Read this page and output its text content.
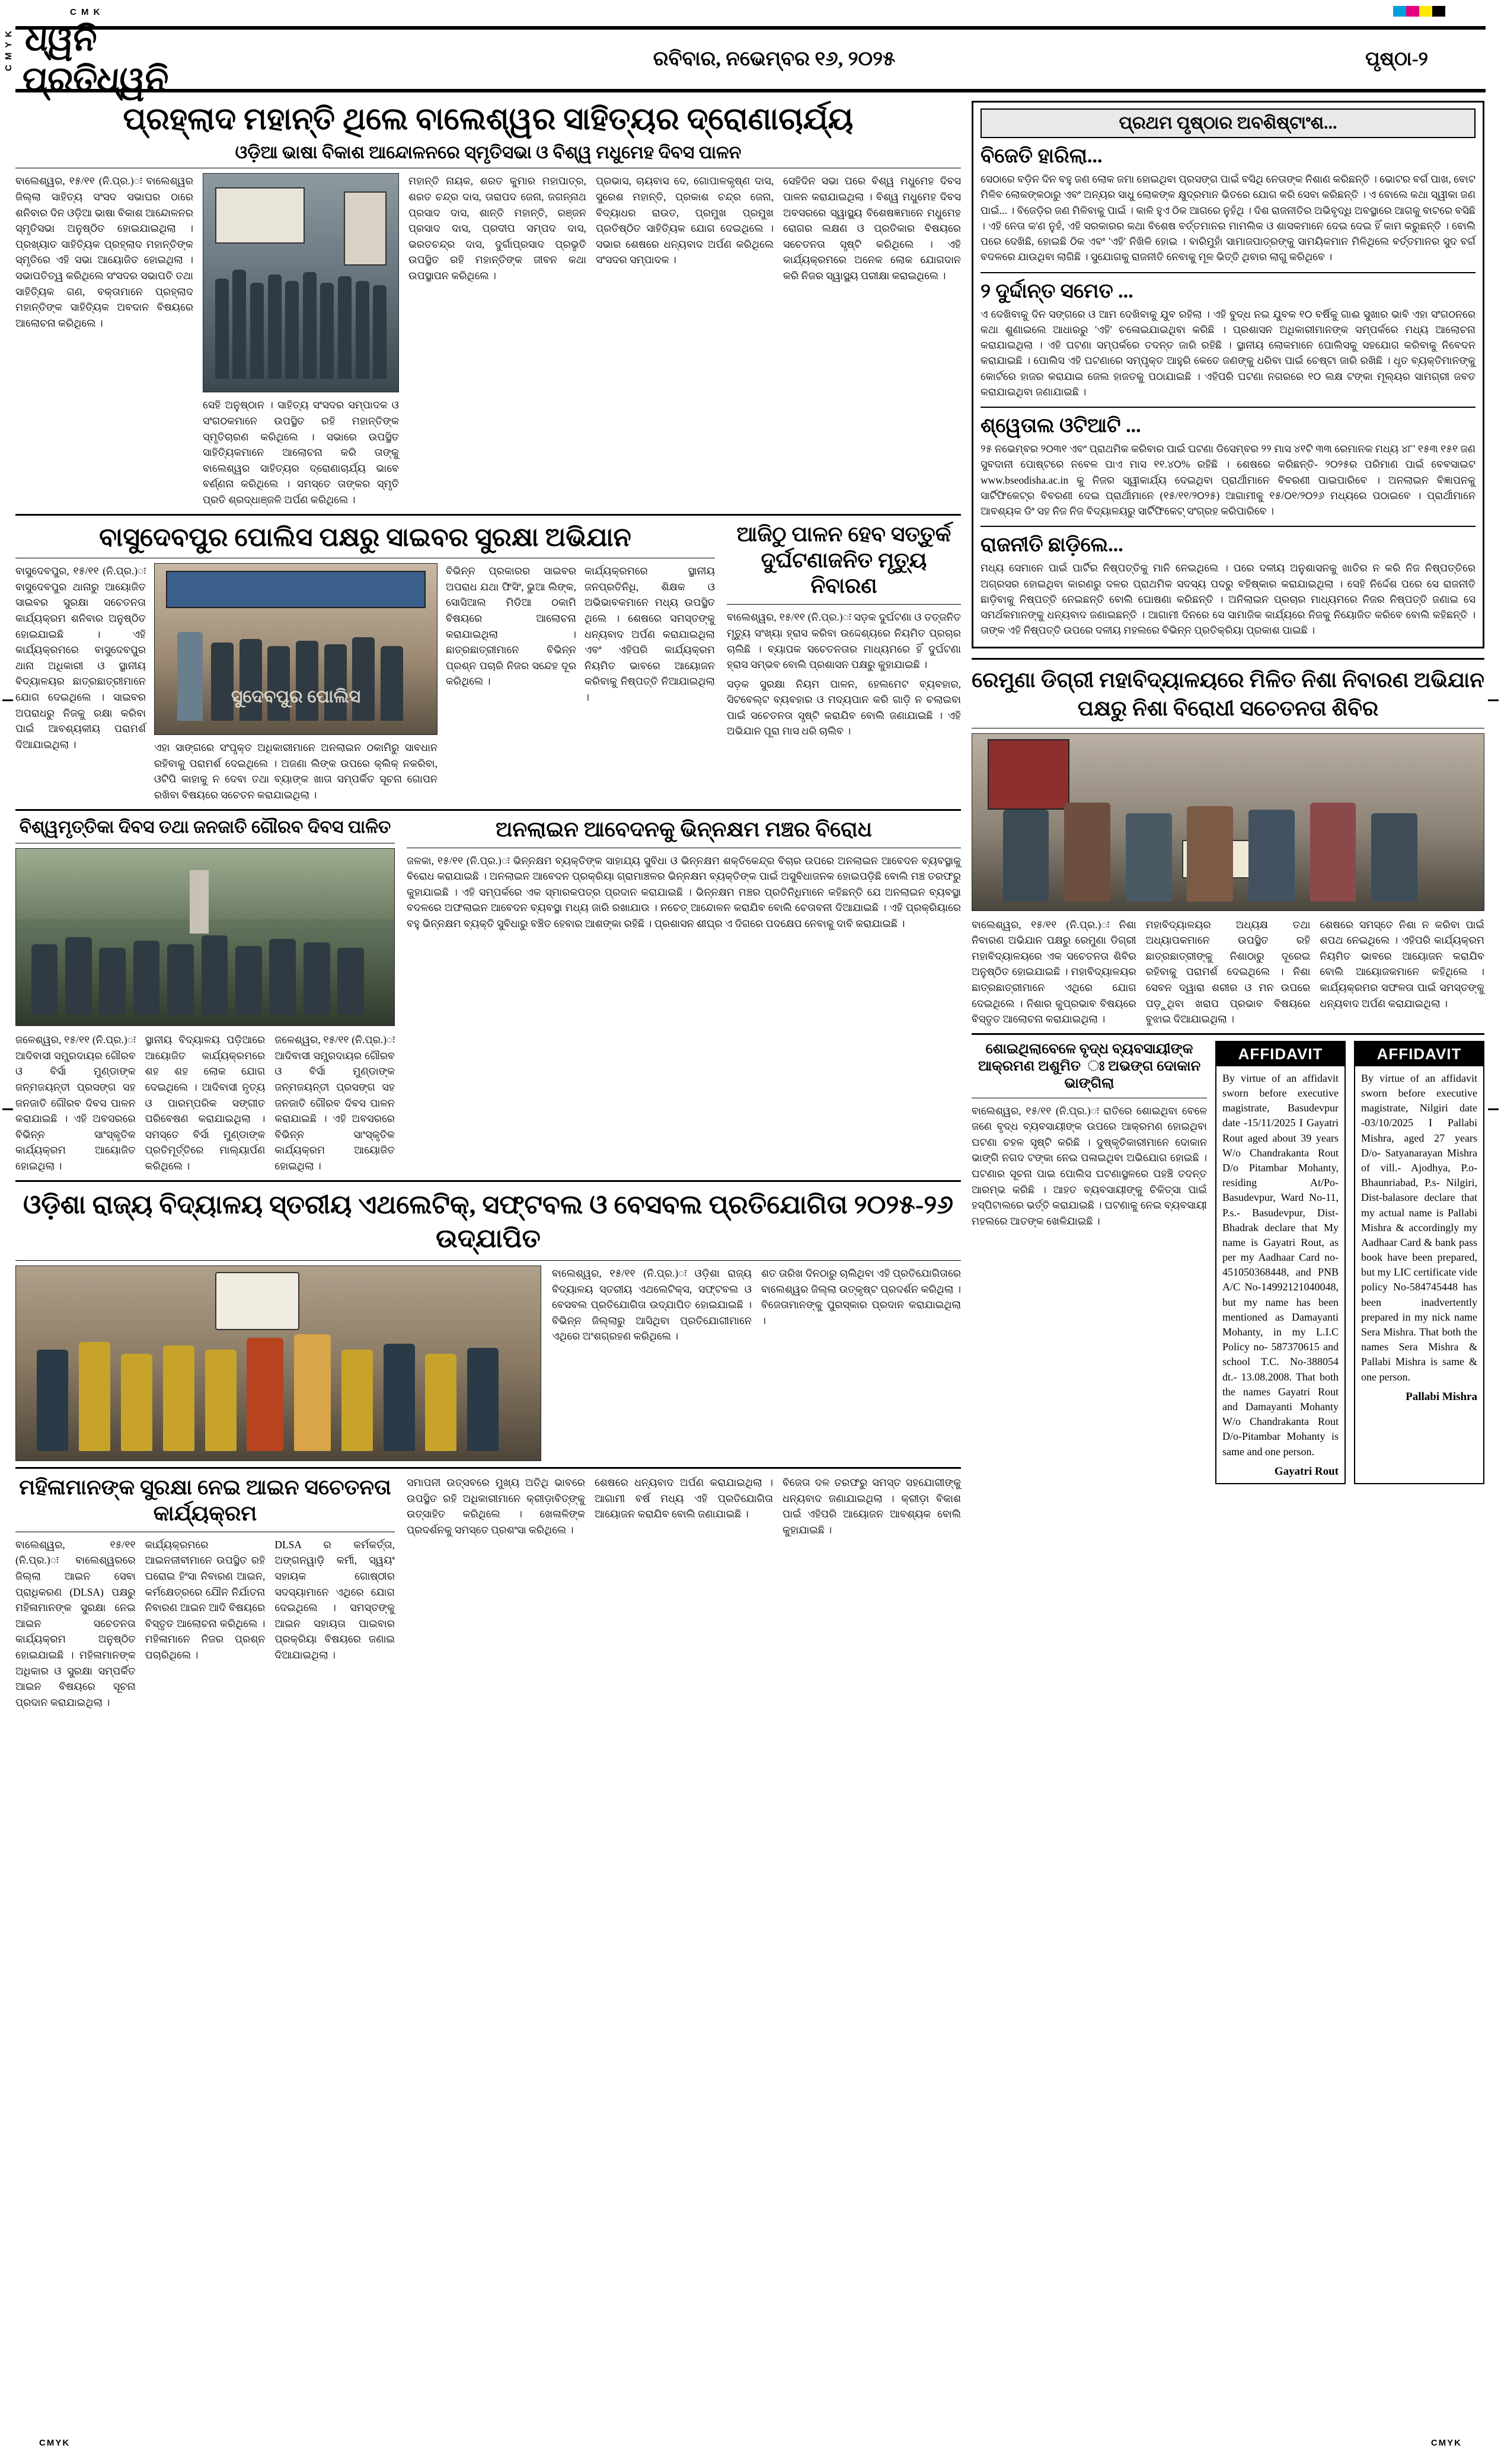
C M K
C M Y K ଧ୍ୱନି ପ୍ରତିଧ୍ୱନି
ରବିବାର, ନଭେମ୍ବର ୧୬, ୨୦୨୫	ପୃଷ୍ଠା-୨
ପ୍ରହ୍ଲାଦ ମହାନ୍ତି ଥିଲେ ବାଲେଶ୍ୱର ସାହିତ୍ୟର ଦ୍ରୋଣାଚାର୍ଯ୍ୟ
ଓଡ଼ିଆ ଭାଷା ବିକାଶ ଆନ୍ଦୋଳନରେ ସ୍ମୃତିସଭା ଓ ବିଶ୍ୱ ମଧୁମେହ ଦିବସ ପାଳନ
ବାଲେଶ୍ୱର, ୧୫/୧୧ (ନି.ପ୍ର.)ः ବାଲେଶ୍ୱର ଜିଲ୍ଲା ସାହିତ୍ୟ ସଂସଦ ସଭାଘର ଠାରେ ଶନିବାର ଦିନ ଓଡ଼ିଆ ଭାଷା ବିକାଶ ଆନ୍ଦୋଳନର ସ୍ମୃତିସଭା ଅନୁଷ୍ଠିତ ହୋଇଯାଇଥିଲା । ପ୍ରଖ୍ୟାତ ସାହିତ୍ୟିକ ପ୍ରହ୍ଲାଦ ମହାନ୍ତିଙ୍କ ସ୍ମୃତିରେ ଏହି ସଭା ଆୟୋଜିତ ହୋଇଥିଲା । ସଭାପତିତ୍ୱ କରିଥିଲେ ସଂସଦର ସଭାପତି ତଥା ସାହିତ୍ୟିକ ଗଣ, ବକ୍ତାମାନେ ପ୍ରହ୍ଲାଦ ମହାନ୍ତିଙ୍କ ସାହିତ୍ୟିକ ଅବଦାନ ବିଷୟରେ ଆଲୋଚନା କରିଥିଲେ ।
ସେହି ଅନୁଷ୍ଠାନ । ସାହିତ୍ୟ ସଂସଦର ସମ୍ପାଦକ ଓ ସଂଗଠକମାନେ ଉପସ୍ଥିତ ରହି ମହାନ୍ତିଙ୍କ ସ୍ମୃତିଚାରଣ କରିଥିଲେ । ସଭାରେ ଉପସ୍ଥିତ ସାହିତ୍ୟିକମାନେ ଆଲୋଚନା କରି ତାଙ୍କୁ ବାଲେଶ୍ୱର ସାହିତ୍ୟର ଦ୍ରୋଣାଚାର୍ଯ୍ୟ ଭାବେ ବର୍ଣ୍ଣନା କରିଥିଲେ । ସମସ୍ତେ ତାଙ୍କର ସ୍ମୃତି ପ୍ରତି ଶ୍ରଦ୍ଧାଞ୍ଜଳି ଅର୍ପଣ କରିଥିଲେ ।
ମହାନ୍ତି ନାୟକ, ଶରତ କୁମାର ମହାପାତ୍ର, ଶରତ ଚନ୍ଦ୍ର ଦାସ, ତାରାପଦ ଜେନା, ଜଗନ୍ନାଥ ପ୍ରସାଦ ଦାସ, ଶାନ୍ତି ମହାନ୍ତି, ରଞ୍ଜନ ପ୍ରସାଦ ଦାସ, ପ୍ରଦୀପ ସମ୍ପଦ ଦାସ, ଭରତଚନ୍ଦ୍ର ଦାସ, ଦୁର୍ଗାପ୍ରସାଦ ପ୍ରଭୃତି ଉପସ୍ଥିତ ରହି ମହାନ୍ତିଙ୍କ ଜୀବନ କଥା ଉପସ୍ଥାପନ କରିଥିଲେ ।
ପ୍ରଭାସ, ଚାୟବାସ ଦେ, ଗୋପାଳକୃଷ୍ଣ ଦାସ, ସୁରେଶ ମହାନ୍ତି, ପ୍ରକାଶ ଚନ୍ଦ୍ର ଜେନା, ବିଦ୍ୟାଧର ରାଉତ, ପ୍ରମୁଖ ପ୍ରମୁଖ ପ୍ରତିଷ୍ଠିତ ସାହିତ୍ୟିକ ଯୋଗ ଦେଇଥିଲେ । ସଭାର ଶେଷରେ ଧନ୍ୟବାଦ ଅର୍ପଣ କରିଥିଲେ ସଂସଦର ସମ୍ପାଦକ ।
ସେହିଦିନ ସଭା ପରେ ବିଶ୍ୱ ମଧୁମେହ ଦିବସ ପାଳନ କରାଯାଇଥିଲା । ବିଶ୍ୱ ମଧୁମେହ ଦିବସ ଅବସରରେ ସ୍ୱାସ୍ଥ୍ୟ ବିଶେଷଜ୍ଞମାନେ ମଧୁମେହ ରୋଗର ଲକ୍ଷଣ ଓ ପ୍ରତିକାର ବିଷୟରେ ସଚେତନତା ସୃଷ୍ଟି କରିଥିଲେ । ଏହି କାର୍ଯ୍ୟକ୍ରମରେ ଅନେକ ଲୋକ ଯୋଗଦାନ କରି ନିଜର ସ୍ୱାସ୍ଥ୍ୟ ପରୀକ୍ଷା କରାଇଥିଲେ ।
ବାସୁଦେବପୁର ପୋଲିସ ପକ୍ଷରୁ ସାଇବର ସୁରକ୍ଷା ଅଭିଯାନ
ବାସୁଦେବପୁର, ୧୫/୧୧ (ନି.ପ୍ର.)ः ବାସୁଦେବପୁର ଥାନାରୁ ଆୟୋଜିତ ସାଇବର ସୁରକ୍ଷା ସଚେତନତା କାର୍ଯ୍ୟକ୍ରମ ଶନିବାର ଅନୁଷ୍ଠିତ ହୋଇଯାଇଛି । ଏହି କାର୍ଯ୍ୟକ୍ରମରେ ବାସୁଦେବପୁର ଥାନା ଅଧିକାରୀ ଓ ସ୍ଥାନୀୟ ବିଦ୍ୟାଳୟର ଛାତ୍ରଛାତ୍ରୀମାନେ ଯୋଗ ଦେଇଥିଲେ । ସାଇବର ଅପରାଧରୁ ନିଜକୁ ରକ୍ଷା କରିବା ପାଇଁ ଆବଶ୍ୟକୀୟ ପରାମର୍ଶ ଦିଆଯାଇଥିଲା ।
ସୁଦେବପୁର ପୋଲିସ
ଏହା ସାଙ୍ଗରେ ସଂପୃକ୍ତ ଅଧିକାରୀମାନେ ଅନଲାଇନ ଠକାମିରୁ ସାବଧାନ ରହିବାକୁ ପରାମର୍ଶ ଦେଇଥିଲେ । ଅଜଣା ଲିଙ୍କ ଉପରେ କ୍ଲିକ୍ ନକରିବା, ଓଟିପି କାହାକୁ ନ ଦେବା ତଥା ବ୍ୟାଙ୍କ ଖାତା ସମ୍ପର୍କିତ ସୂଚନା ଗୋପନ ରଖିବା ବିଷୟରେ ସଚେତନ କରାଯାଇଥିଲା ।
ବିଭିନ୍ନ ପ୍ରକାରର ସାଇବର ଅପରାଧ ଯଥା ଫିସିଂ, ଭୁଆ ଲିଙ୍କ, ସୋସିଆଲ ମିଡିଆ ଠକାମି ବିଷୟରେ ଆଲୋଚନା କରାଯାଇଥିଲା । ଛାତ୍ରଛାତ୍ରୀମାନେ ବିଭିନ୍ନ ପ୍ରଶ୍ନ ପଚାରି ନିଜର ସନ୍ଦେହ ଦୂର କରିଥିଲେ ।
କାର୍ଯ୍ୟକ୍ରମରେ ସ୍ଥାନୀୟ ଜନପ୍ରତିନିଧି, ଶିକ୍ଷକ ଓ ଅଭିଭାବକମାନେ ମଧ୍ୟ ଉପସ୍ଥିତ ଥିଲେ । ଶେଷରେ ସମସ୍ତଙ୍କୁ ଧନ୍ୟବାଦ ଅର୍ପଣ କରାଯାଇଥିଲା ଏବଂ ଏହିପରି କାର୍ଯ୍ୟକ୍ରମ ନିୟମିତ ଭାବରେ ଆୟୋଜନ କରିବାକୁ ନିଷ୍ପତ୍ତି ନିଆଯାଇଥିଲା ।
ଆଜିଠୁ ପାଳନ ହେବ ସତ୍ତୁର୍କ ଦୁର୍ଘଟଣାଜନିତ ମୃତ୍ୟୁ ନିବାରଣ
ବାଲେଶ୍ୱର, ୧୫/୧୧ (ନି.ପ୍ର.)ः ସଡ଼କ ଦୁର୍ଘଟଣା ଓ ତତ୍‌ଜନିତ ମୃତ୍ୟୁ ସଂଖ୍ୟା ହ୍ରାସ କରିବା ଉଦ୍ଦେଶ୍ୟରେ ନିୟମିତ ପ୍ରଚାର ଚାଲିଛି । ବ୍ୟାପକ ସଚେତନତାର ମାଧ୍ୟମରେ ହିଁ ଦୁର୍ଘଟଣା ହ୍ରାସ ସମ୍ଭବ ବୋଲି ପ୍ରଶାସନ ପକ୍ଷରୁ କୁହାଯାଇଛି ।
ସଡ଼କ ସୁରକ୍ଷା ନିୟମ ପାଳନ, ହେଲମେଟ ବ୍ୟବହାର, ସିଟବେଲ୍ଟ ବ୍ୟବହାର ଓ ମଦ୍ୟପାନ କରି ଗାଡ଼ି ନ ଚଲାଇବା ପାଇଁ ସଚେତନତା ସୃଷ୍ଟି କରାଯିବ ବୋଲି ଜଣାଯାଇଛି । ଏହି ଅଭିଯାନ ପୂରା ମାସ ଧରି ଚାଲିବ ।
ବିଶ୍ୱମୃତ୍ତିକା ଦିବସ ତଥା ଜନଜାତି ଗୌରବ ଦିବସ ପାଳିତ
ଜଳେଶ୍ୱର, ୧୫/୧୧ (ନି.ପ୍ର.)ः ଆଦିବାସୀ ସମ୍ପ୍ରଦାୟର ଗୌରବ ଓ ବିର୍ସା ମୁଣ୍ଡାଙ୍କ ଜନ୍ମଜୟନ୍ତୀ ପ୍ରସଙ୍ଗ ସହ ଜନଜାତି ଗୌରବ ଦିବସ ପାଳନ କରାଯାଇଛି । ଏହି ଅବସରରେ ବିଭିନ୍ନ ସାଂସ୍କୃତିକ କାର୍ଯ୍ୟକ୍ରମ ଆୟୋଜିତ ହୋଇଥିଲା ।
ସ୍ଥାନୀୟ ବିଦ୍ୟାଳୟ ପଡ଼ିଆରେ ଆୟୋଜିତ କାର୍ଯ୍ୟକ୍ରମରେ ଶହ ଶହ ଲୋକ ଯୋଗ ଦେଇଥିଲେ । ଆଦିବାସୀ ନୃତ୍ୟ ଓ ପାରମ୍ପରିକ ସଙ୍ଗୀତ ପରିବେଷଣ କରାଯାଇଥିଲା । ସମସ୍ତେ ବିର୍ସା ମୁଣ୍ଡାଙ୍କ ପ୍ରତିମୂର୍ତ୍ତିରେ ମାଲ୍ୟାର୍ପଣ କରିଥିଲେ ।
ଜଳେଶ୍ୱର, ୧୫/୧୧ (ନି.ପ୍ର.)ः ଆଦିବାସୀ ସମ୍ପ୍ରଦାୟର ଗୌରବ ଓ ବିର୍ସା ମୁଣ୍ଡାଙ୍କ ଜନ୍ମଜୟନ୍ତୀ ପ୍ରସଙ୍ଗ ସହ ଜନଜାତି ଗୌରବ ଦିବସ ପାଳନ କରାଯାଇଛି । ଏହି ଅବସରରେ ବିଭିନ୍ନ ସାଂସ୍କୃତିକ କାର୍ଯ୍ୟକ୍ରମ ଆୟୋଜିତ ହୋଇଥିଲା ।
ଅନଲାଇନ ଆବେଦନକୁ ଭିନ୍ନକ୍ଷମ ମଞ୍ଚର ବିରୋଧ
ଜଳକା, ୧୫/୧୧ (ନି.ପ୍ର.)ः ଭିନ୍ନକ୍ଷମ ବ୍ୟକ୍ତିଙ୍କ ସାହାଯ୍ୟ ସୁବିଧା ଓ ଭିନ୍ନକ୍ଷମ ଶକ୍ତିକେନ୍ଦ୍ର ବିଚାର ଉପରେ ଅନଲାଇନ ଆବେଦନ ବ୍ୟବସ୍ଥାକୁ ବିରୋଧ କରାଯାଇଛି । ଅନଲାଇନ ଆବେଦନ ପ୍ରକ୍ରିୟା ଗ୍ରାମାଞ୍ଚଳର ଭିନ୍ନକ୍ଷମ ବ୍ୟକ୍ତିଙ୍କ ପାଇଁ ଅସୁବିଧାଜନକ ହୋଇପଡ଼ିଛି ବୋଲି ମଞ୍ଚ ତରଫରୁ କୁହାଯାଇଛି । ଏହି ସମ୍ପର୍କରେ ଏକ ସ୍ମାରକପତ୍ର ପ୍ରଦାନ କରାଯାଇଛି । ଭିନ୍ନକ୍ଷମ ମଞ୍ଚର ପ୍ରତିନିଧିମାନେ କହିଛନ୍ତି ଯେ ଅନଲାଇନ ବ୍ୟବସ୍ଥା ବଦଳରେ ଅଫଲାଇନ ଆବେଦନ ବ୍ୟବସ୍ଥା ମଧ୍ୟ ଜାରି ରଖାଯାଉ । ନଚେତ୍ ଆନ୍ଦୋଳନ କରାଯିବ ବୋଲି ଚେତାବନୀ ଦିଆଯାଇଛି । ଏହି ପ୍ରକ୍ରିୟାରେ ବହୁ ଭିନ୍ନକ୍ଷମ ବ୍ୟକ୍ତି ସୁବିଧାରୁ ବଞ୍ଚିତ ହେବାର ଆଶଙ୍କା ରହିଛି । ପ୍ରଶାସନ ଶୀଘ୍ର ଏ ଦିଗରେ ପଦକ୍ଷେପ ନେବାକୁ ଦାବି କରାଯାଇଛି ।
ଓଡ଼ିଶା ରାଜ୍ୟ ବିଦ୍ୟାଳୟ ସ୍ତରୀୟ ଏଥଲେଟିକ୍, ସଫ୍ଟବଲ ଓ ବେସବଲ ପ୍ରତିଯୋଗିତା ୨୦୨୫-୨୬ ଉଦ୍‌ଯାପିତ
ବାଲେଶ୍ୱର, ୧୫/୧୧ (ନି.ପ୍ର.)ः ଓଡ଼ିଶା ରାଜ୍ୟ ବିଦ୍ୟାଳୟ ସ୍ତରୀୟ ଏଥଲେଟିକ୍ସ, ସଫ୍ଟବଲ ଓ ବେସବଲ ପ୍ରତିଯୋଗିତା ଉଦ୍‌ଯାପିତ ହୋଇଯାଇଛି । ବିଭିନ୍ନ ଜିଲ୍ଲାରୁ ଆସିଥିବା ପ୍ରତିଯୋଗୀମାନେ ଏଥିରେ ଅଂଶଗ୍ରହଣ କରିଥିଲେ ।
ଶତ ତାରିଖ ଦିନଠାରୁ ଚାଲିଥିବା ଏହି ପ୍ରତିଯୋଗିତାରେ ବାଲେଶ୍ୱର ଜିଲ୍ଲା ଉତ୍କୃଷ୍ଟ ପ୍ରଦର୍ଶନ କରିଥିଲା । ବିଜେତାମାନଙ୍କୁ ପୁରସ୍କାର ପ୍ରଦାନ କରାଯାଇଥିଲା ।
ମହିଳାମାନଙ୍କ ସୁରକ୍ଷା ନେଇ ଆଇନ ସଚେତନତା କାର୍ଯ୍ୟକ୍ରମ
ବାଲେଶ୍ୱର, ୧୫/୧୧ (ନି.ପ୍ର.)ः ବାଲେଶ୍ୱରରେ ଜିଲ୍ଲା ଆଇନ ସେବା ପ୍ରାଧିକରଣ (DLSA) ପକ୍ଷରୁ ମହିଳାମାନଙ୍କ ସୁରକ୍ଷା ନେଇ ଆଇନ ସଚେତନତା କାର୍ଯ୍ୟକ୍ରମ ଅନୁଷ୍ଠିତ ହୋଇଯାଇଛି । ମହିଳାମାନଙ୍କ ଅଧିକାର ଓ ସୁରକ୍ଷା ସମ୍ପର୍କିତ ଆଇନ ବିଷୟରେ ସୂଚନା ପ୍ରଦାନ କରାଯାଇଥିଲା ।
କାର୍ଯ୍ୟକ୍ରମରେ ଆଇନଜୀବୀମାନେ ଉପସ୍ଥିତ ରହି ଘରୋଇ ହିଂସା ନିବାରଣ ଆଇନ, କର୍ମକ୍ଷେତ୍ରରେ ଯୌନ ନିର୍ଯାତନା ନିବାରଣ ଆଇନ ଆଦି ବିଷୟରେ ବିସ୍ତୃତ ଆଲୋଚନା କରିଥିଲେ । ମହିଳାମାନେ ନିଜର ପ୍ରଶ୍ନ ପଚାରିଥିଲେ ।
DLSA ର କର୍ମକର୍ତ୍ତା, ଅଙ୍ଗନୱାଡ଼ି କର୍ମୀ, ସ୍ୱୟଂ ସହାୟକ ଗୋଷ୍ଠୀର ସଦସ୍ୟାମାନେ ଏଥିରେ ଯୋଗ ଦେଇଥିଲେ । ସମସ୍ତଙ୍କୁ ଆଇନ ସହାୟତା ପାଇବାର ପ୍ରକ୍ରିୟା ବିଷୟରେ ଜଣାଇ ଦିଆଯାଇଥିଲା ।
ସମାପନୀ ଉତ୍ସବରେ ମୁଖ୍ୟ ଅତିଥି ଭାବରେ ଉପସ୍ଥିତ ରହି ଅଧିକାରୀମାନେ କ୍ରୀଡ଼ାବିତ୍‌ଙ୍କୁ ଉତ୍ସାହିତ କରିଥିଲେ । ଖେଳାଳିଙ୍କ ପ୍ରଦର୍ଶନକୁ ସମସ୍ତେ ପ୍ରଶଂସା କରିଥିଲେ ।
ଶେଷରେ ଧନ୍ୟବାଦ ଅର୍ପଣ କରାଯାଇଥିଲା । ଆଗାମୀ ବର୍ଷ ମଧ୍ୟ ଏହି ପ୍ରତିଯୋଗିତା ଆୟୋଜନ କରାଯିବ ବୋଲି ଜଣାଯାଇଛି ।
ବିଜେତା ଦଳ ତରଫରୁ ସମସ୍ତ ସହଯୋଗୀଙ୍କୁ ଧନ୍ୟବାଦ ଜଣାଯାଇଥିଲା । କ୍ରୀଡ଼ା ବିକାଶ ପାଇଁ ଏହିପରି ଆୟୋଜନ ଆବଶ୍ୟକ ବୋଲି କୁହାଯାଇଛି ।
ପ୍ରଥମ ପୃଷ୍ଠାର ଅବଶିଷ୍ଟାଂଶ...
ବିଜେତି ହାରିଲା...
ସେଠାରେ ବଡ଼ିନ ଦିନ ବହୁ ଜଣ ଲୋକ ଜମା ହୋଇଥିବା ପ୍ରସଙ୍ଗ ପାଇଁ ବସିଥି ନେତାଙ୍କ ନିଶାଣ କରିଛନ୍ତି । ଭୋଟର ବର୍ଗ ପାଖ, ବୋଟ ମିଳିବ ଲୋକଙ୍କଠାରୁ ଏବଂ ଅନ୍ୟର ସାଧୁ ଲୋକଙ୍କ କ୍ଷୁଦ୍ରମାନ ଭିତରେ ଯୋଗ କରି ସେବା କରିଛନ୍ତି । ଏ ବୋଲେ କଥା ସ୍ୱୀକା ଜଣ ପାଇଁ... । ବିଜେଡ଼ିର ଜଣ ମିଳିବାକୁ ପାଇଁ । କାଳି ହୁଏ ଠିକ ଆଗରେ ନୁହଁଥି । ଦିଶ ରାଜନୀତିର ଅଭିବୃଦ୍ଧି ଅବସ୍ଥାରେ ଆଗକୁ ବାଟରେ ବସିଛି । ଏହି ନେତା କ'ଣ ନୁହଁ, ଏହି ସରକାରର କଥା ବିଶେଷ ବର୍ତ୍ତମାନର ମାମଲିକ ଓ ଶାସକମାନେ ଦେଇ ଦେଇ ହିଁ କାମ କରୁଛନ୍ତି । ବୋଲି ପରେ ଦେଖିଛି, ହୋଇଛି ଠିକ ଏବଂ 'ଏହି' ନିଖିଳି ହୋଇ । ବାରିମୁହାଁ ସାମାଜପାତ୍ରଙ୍କୁ ସାମୟିକମାନ ମିଳିଥିଲେ ବର୍ତ୍ତମାନର ସୁଦ ବର୍ଗ ବଦଳରେ ଯାଉଥିବା ଲାଗିଛି । ସୁଯୋଗକୁ ରାଜନୀତି ନେବାକୁ ମୂଳ ଭିତ୍ତି ଥିବାର ଲାଗୁ କରିଥିବେ ।
୨ ଦୁର୍ଦ୍ଦାନ୍ତ ସମେତ ...
ଏ ଦେଖିବାକୁ ଦିନ ସଙ୍ଗରେ ଓ ଆମ ଦେଖିବାକୁ ଯୁବ ରହିଲା । ଏହି ବୁଦ୍ଧ ନଇ ଯୁବକ ୧୦ ବର୍ଷିକୁ ଗାଈ ସୁଖାର ଭାବି ଏହା ସଂଗଠନରେ କଥା ଶୁଣାଇଲେ ଆଧାରରୁ 'ଏହି' ଚଳୋଇଯାଇଥିବା କରିଛି । ପ୍ରଶାସନ ଅଧିକାରୀମାନଙ୍କ ସମ୍ପର୍କରେ ମଧ୍ୟ ଆଲୋଚନା କରାଯାଇଥିଲା । ଏହି ଘଟଣା ସମ୍ପର୍କରେ ତଦନ୍ତ ଜାରି ରହିଛି । ସ୍ଥାନୀୟ ଲୋକମାନେ ପୋଲିସକୁ ସହଯୋଗ କରିବାକୁ ନିବେଦନ କରାଯାଇଛି । ପୋଲିସ ଏହି ଘଟଣାରେ ସମ୍ପୃକ୍ତ ଆହୁରି କେତେ ଜଣଙ୍କୁ ଧରିବା ପାଇଁ ଚେଷ୍ଟା ଜାରି ରଖିଛି । ଧୃତ ବ୍ୟକ୍ତିମାନଙ୍କୁ କୋର୍ଟରେ ହାଜର କରାଯାଇ ଜେଲ ହାଜତକୁ ପଠାଯାଇଛି । ଏହିପରି ଘଟଣା ନଗରରେ ୧୦ ଲକ୍ଷ ଟଙ୍କା ମୂଲ୍ୟର ସାମଗ୍ରୀ ଜବତ କରାଯାଇଥିବା ଜଣାଯାଇଛି ।
ଶ୍ୱେତାଲ ଓଟିଆଟି ...
୨୫ ନଭେମ୍ବର ୨୦୩୧ ଏବଂ ପ୍ରାଥମିକ କରିବାର ପାଇଁ ଘଟଣା ଡିସେମ୍ବର ୨୨ ମାସ ୪୧ଟି ୩୩ ରେମାନକ ମଧ୍ୟ ୪୮' ୧୫୩ ୧୫୧ ଜଣ ସୁବଦାନୀ ପୋଷ୍ଟରେ ନବେଳ ପାଏ ମାସ ୧୧.୪୦% ରହିଛି । ଶେଷରେ କରିଛନ୍ତି- ୨୦୨୫ର ପରିମାଣ ପାଇଁ ବେବସାଇଟ www.bseodisha.ac.in କୁ ନିଜର ସ୍ୱୀକାର୍ଯ୍ୟ ଦେଇଥିବା ପ୍ରାର୍ଥୀମାନେ ବିବରଣୀ ପାଇପାରିବେ । ଅନଲାଇନ ବିଜ୍ଞାପନକୁ ସାର୍ଟିଫିକେଟ୍‌ର ବିବରଣୀ ଦେଇ ପ୍ରାର୍ଥୀମାନେ (୧୫/୧୧/୨୦୨୫) ଆଗାମୀକୁ ୧୫/୦୧/୨୦୨୬ ମଧ୍ୟରେ ପଠାଇବେ । ପ୍ରାର୍ଥୀମାନେ ଆବଶ୍ୟକ ଡିଂ ସହ ନିଜ ନିଜ ବିଦ୍ୟାଳୟରୁ ସାର୍ଟିଫିକେଟ୍ ସଂଗ୍ରହ କରିପାରିବେ ।
ରାଜନୀତି ଛାଡ଼ିଲେ...
ମଧ୍ୟ ସେମାନେ ପାଇଁ ପାର୍ଟିର ନିଷ୍ପତ୍ତିକୁ ମାନି ନେଇଥିଲେ । ପରେ ଦଳୀୟ ଅନୁଶାସନକୁ ଖାତିର ନ କରି ନିଜ ନିଷ୍ପତ୍ତିରେ ଅଗ୍ରସର ହୋଇଥିବା କାରଣରୁ ଦଳର ପ୍ରାଥମିକ ସଦସ୍ୟ ପଦରୁ ବହିଷ୍କାର କରାଯାଇଥିଲା । ସେହି ନିର୍ଦ୍ଦେଶ ପରେ ସେ ରାଜନୀତି ଛାଡ଼ିବାକୁ ନିଷ୍ପତ୍ତି ନେଇଛନ୍ତି ବୋଲି ଘୋଷଣା କରିଛନ୍ତି । ଅନିଲାଇନ ପ୍ରଚାର ମାଧ୍ୟମରେ ନିଜର ନିଷ୍ପତ୍ତି ଜଣାଇ ସେ ସମର୍ଥକମାନଙ୍କୁ ଧନ୍ୟବାଦ ଜଣାଇଛନ୍ତି । ଆଗାମୀ ଦିନରେ ସେ ସାମାଜିକ କାର୍ଯ୍ୟରେ ନିଜକୁ ନିୟୋଜିତ କରିବେ ବୋଲି କହିଛନ୍ତି । ତାଙ୍କ ଏହି ନିଷ୍ପତ୍ତି ଉପରେ ଦଳୀୟ ମହଲରେ ବିଭିନ୍ନ ପ୍ରତିକ୍ରିୟା ପ୍ରକାଶ ପାଇଛି ।
ରେମୁଣା ଡିଗ୍ରୀ ମହାବିଦ୍ୟାଳୟରେ ମିଳିତ ନିଶା ନିବାରଣ ଅଭିଯାନ ପକ୍ଷରୁ ନିଶା ବିରୋଧୀ ସଚେତନତା ଶିବିର
ବାଲେଶ୍ୱର, ୧୫/୧୧ (ନି.ପ୍ର.)ः ନିଶା ନିବାରଣ ଅଭିଯାନ ପକ୍ଷରୁ ରେମୁଣା ଡିଗ୍ରୀ ମହାବିଦ୍ୟାଳୟରେ ଏକ ସଚେତନତା ଶିବିର ଅନୁଷ୍ଠିତ ହୋଇଯାଇଛି । ମହାବିଦ୍ୟାଳୟର ଛାତ୍ରଛାତ୍ରୀମାନେ ଏଥିରେ ଯୋଗ ଦେଇଥିଲେ । ନିଶାର କୁପ୍ରଭାବ ବିଷୟରେ ବିସ୍ତୃତ ଆଲୋଚନା କରାଯାଇଥିଲା ।
ମହାବିଦ୍ୟାଳୟର ଅଧ୍ୟକ୍ଷ ତଥା ଅଧ୍ୟାପକମାନେ ଉପସ୍ଥିତ ରହି ଛାତ୍ରଛାତ୍ରୀଙ୍କୁ ନିଶାଠାରୁ ଦୂରେଇ ରହିବାକୁ ପରାମର୍ଶ ଦେଇଥିଲେ । ନିଶା ସେବନ ଦ୍ୱାରା ଶରୀର ଓ ମନ ଉପରେ ପଡ଼ୁଥିବା ଖରାପ ପ୍ରଭାବ ବିଷୟରେ ବୁଝାଇ ଦିଆଯାଇଥିଲା ।
ଶେଷରେ ସମସ୍ତେ ନିଶା ନ କରିବା ପାଇଁ ଶପଥ ନେଇଥିଲେ । ଏହିପରି କାର୍ଯ୍ୟକ୍ରମ ନିୟମିତ ଭାବରେ ଆୟୋଜନ କରାଯିବ ବୋଲି ଆୟୋଜକମାନେ କହିଥିଲେ । କାର୍ଯ୍ୟକ୍ରମର ସଫଳତା ପାଇଁ ସମସ୍ତଙ୍କୁ ଧନ୍ୟବାଦ ଅର୍ପଣ କରାଯାଇଥିଲା ।
ଶୋଇଥିଲାବେଳେ ବୃଦ୍ଧ ବ୍ୟବସାୟୀଙ୍କ ଆକ୍ରମଣ ଅଶୁମିତ ଃ ଅଭଙ୍ଗ ଦୋକାନ ଭାଙ୍ଗିଲା
ବାଲେଶ୍ୱର, ୧୫/୧୧ (ନି.ପ୍ର.)ः ରାତିରେ ଶୋଇଥିବା ବେଳେ ଜଣେ ବୃଦ୍ଧ ବ୍ୟବସାୟୀଙ୍କ ଉପରେ ଆକ୍ରମଣ ହୋଇଥିବା ଘଟଣା ଚହଳ ସୃଷ୍ଟି କରିଛି । ଦୁଷ୍କୃତିକାରୀମାନେ ଦୋକାନ ଭାଙ୍ଗି ନଗଦ ଟଙ୍କା ନେଇ ପଳାଇଥିବା ଅଭିଯୋଗ ହୋଇଛି । ଘଟଣାର ସୂଚନା ପାଇ ପୋଲିସ ଘଟଣାସ୍ଥଳରେ ପହଞ୍ଚି ତଦନ୍ତ ଆରମ୍ଭ କରିଛି । ଆହତ ବ୍ୟବସାୟୀଙ୍କୁ ଚିକିତ୍ସା ପାଇଁ ହସ୍ପିଟାଲରେ ଭର୍ତ୍ତି କରାଯାଇଛି । ଘଟଣାକୁ ନେଇ ବ୍ୟବସାୟୀ ମହଲରେ ଆତଙ୍କ ଖେଳିଯାଇଛି ।
AFFIDAVIT
By virtue of an affidavit sworn before executive magistrate, Basudevpur date -15/11/2025 I Gayatri Rout aged about 39 years W/o Chandrakanta Rout D/o Pitambar Mohanty, residing At/Po-Basudevpur, Ward No-11, P.s.- Basudevpur, Dist- Bhadrak declare that My name is Gayatri Rout, as per my Aadhaar Card no-451050368448, and PNB A/C No-14992121040048, but my name has been mentioned as Damayanti Mohanty, in my L.I.C Policy no- 587370615 and school T.C. No-388054 dt.- 13.08.2008. That both the names Gayatri Rout and Damayanti Mohanty W/o Chandrakanta Rout D/o-Pitambar Mohanty is same and one person.
Gayatri Rout
AFFIDAVIT
By virtue of an affidavit sworn before executive magistrate, Nilgiri date -03/10/2025 I Pallabi Mishra, aged 27 years D/o- Satyanarayan Mishra of vill.- Ajodhya, P.o- Bhaunriabad, P.s- Nilgiri, Dist-balasore declare that my actual name is Pallabi Mishra & accordingly my Aadhaar Card & bank pass book have been prepared, but my LIC certificate vide policy No-584745448 has been inadvertently prepared in my nick name Sera Mishra. That both the names Sera Mishra & Pallabi Mishra is same & one person.
Pallabi Mishra
CMYK	CMYK
